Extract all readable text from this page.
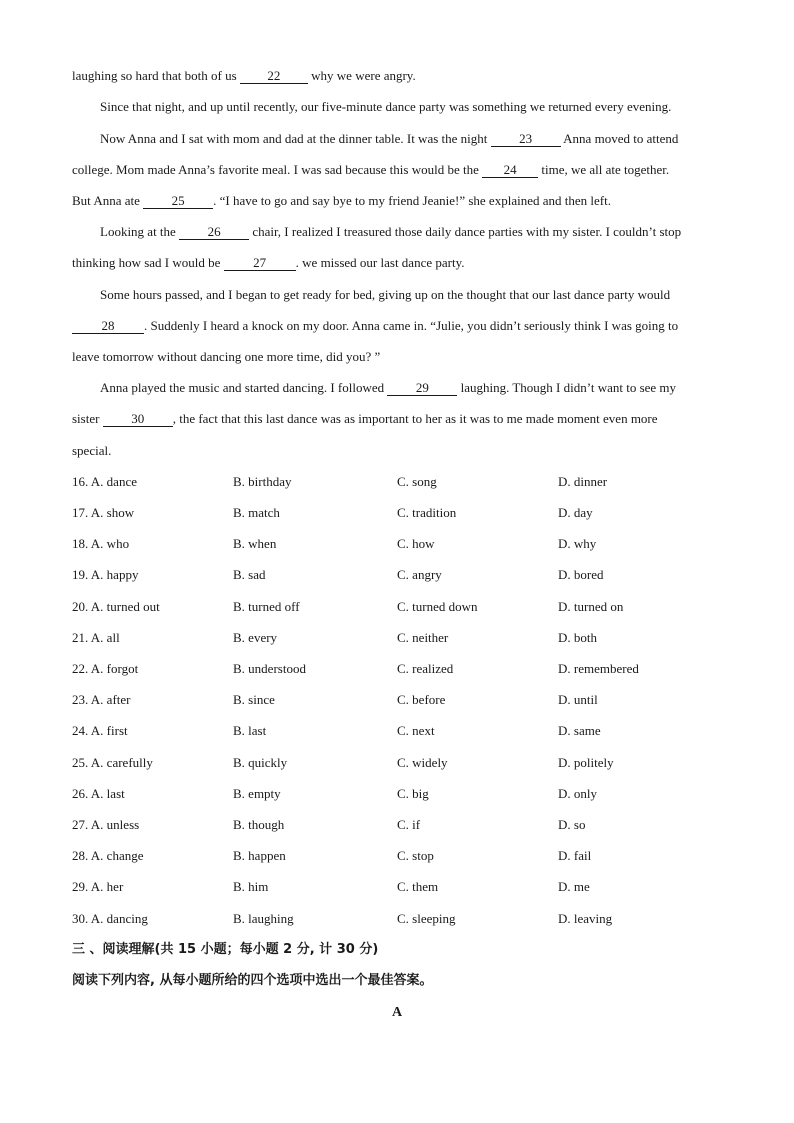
laughing so hard that both of us 22 why we were angry.
Since that night, and up until recently, our five-minute dance party was something we returned every evening.
Now Anna and I sat with mom and dad at the dinner table. It was the night 23 Anna moved to attend
college. Mom made Anna’s favorite meal. I was sad because this would be the 24 time, we all ate together.
But Anna ate 25 . “I have to go and say bye to my friend Jeanie!” she explained and then left.
Looking at the 26 chair, I realized I treasured those daily dance parties with my sister. I couldn’t stop
thinking how sad I would be 27 . we missed our last dance party.
Some hours passed, and I began to get ready for bed, giving up on the thought that our last dance party would
28 . Suddenly I heard a knock on my door. Anna came in. “Julie, you didn’t seriously think I was going to
leave tomorrow without dancing one more time, did you? ”
Anna played the music and started dancing. I followed 29 laughing. Though I didn’t want to see my
sister 30 , the fact that this last dance was as important to her as it was to me made moment even more
special.
16. A. dance	B. birthday	C. song	D. dinner
17. A. show	B. match	C. tradition	D. day
18. A. who	B. when	C. how	D. why
19. A. happy	B. sad	C. angry	D. bored
20. A. turned out	B. turned off	C. turned down	D. turned on
21. A. all	B. every	C. neither	D. both
22. A. forgot	B. understood	C. realized	D. remembered
23. A. after	B. since	C. before	D. until
24. A. first	B. last	C. next	D. same
25. A. carefully	B. quickly	C. widely	D. politely
26. A. last	B. empty	C. big	D. only
27. A. unless	B. though	C. if	D. so
28. A. change	B. happen	C. stop	D. fail
29. A. her	B. him	C. them	D. me
30. A. dancing	B. laughing	C. sleeping	D. leaving
三 、阅读理解(共 15 小题；每小题 2 分, 计 30 分)
阅读下列内容, 从每小题所给的四个选项中选出一个最佳答案。
A
